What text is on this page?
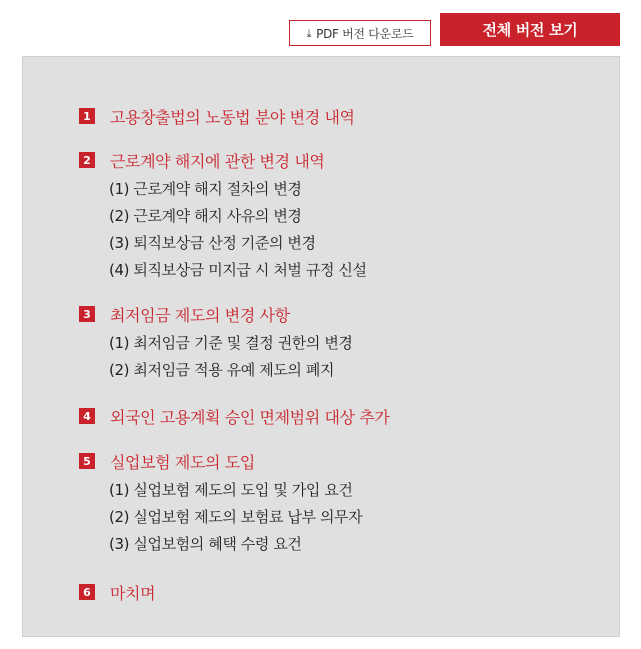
⤓ PDF 버전 다운로드	전체 버전 보기
1 고용창출법의 노동법 분야 변경 내역
2 근로계약 해지에 관한 변경 내역
(1) 근로계약 해지 절차의 변경
(2) 근로계약 해지 사유의 변경
(3) 퇴직보상금 산정 기준의 변경
(4) 퇴직보상금 미지급 시 처벌 규정 신설
3 최저임금 제도의 변경 사항
(1) 최저임금 기준 및 결정 권한의 변경
(2) 최저임금 적용 유예 제도의 폐지
4 외국인 고용계획 승인 면제범위 대상 추가
5 실업보험 제도의 도입
(1) 실업보험 제도의 도입 및 가입 요건
(2) 실업보험 제도의 보험료 납부 의무자
(3) 실업보험의 혜택 수령 요건
6 마치며
